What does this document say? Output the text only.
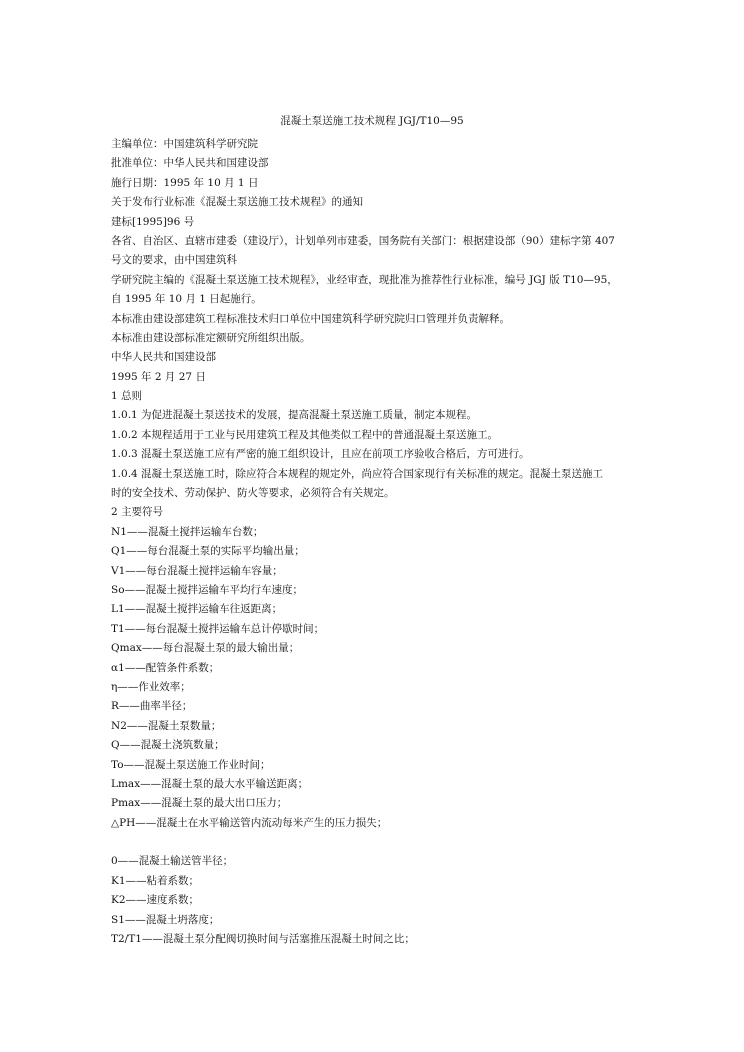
混凝土泵送施工技术规程 JGJ/T10—95
主编单位：中国建筑科学研究院
批准单位：中华人民共和国建设部
施行日期：1995 年 10 月 1 日
关于发布行业标准《混凝土泵送施工技术规程》的通知
建标[1995]96 号
各省、自治区、直辖市建委（建设厅），计划单列市建委，国务院有关部门：根据建设部（90）建标字第 407
号文的要求，由中国建筑科
学研究院主编的《混凝土泵送施工技术规程》，业经审查，现批准为推荐性行业标准，编号 JGJ 版 T10—95，
自 1995 年 10 月 1 日起施行。
本标准由建设部建筑工程标准技术归口单位中国建筑科学研究院归口管理并负责解释。
本标准由建设部标准定额研究所组织出版。
中华人民共和国建设部
1995 年 2 月 27 日
1 总则
1.0.1 为促进混凝土泵送技术的发展，提高混凝土泵送施工质量，制定本规程。
1.0.2 本规程适用于工业与民用建筑工程及其他类似工程中的普通混凝土泵送施工。
1.0.3 混凝土泵送施工应有严密的施工组织设计，且应在前项工序验收合格后，方可进行。
1.0.4 混凝土泵送施工时，除应符合本规程的规定外，尚应符合国家现行有关标准的规定。混凝土泵送施工
时的安全技术、劳动保护、防火等要求，必须符合有关规定。
2 主要符号
N1——混凝土搅拌运输车台数；
Q1——每台混凝土泵的实际平均输出量；
V1——每台混凝土搅拌运输车容量；
So——混凝土搅拌运输车平均行车速度；
L1——混凝土搅拌运输车往返距离；
T1——每台混凝土搅拌运输车总计停歇时间；
Qmax——每台混凝土泵的最大输出量；
α1——配管条件系数；
η——作业效率；
R——曲率半径；
N2——混凝土泵数量；
Q——混凝土浇筑数量；
To——混凝土泵送施工作业时间；
Lmax——混凝土泵的最大水平输送距离；
Pmax——混凝土泵的最大出口压力；
△PH——混凝土在水平输送管内流动每米产生的压力损失；
0——混凝土输送管半径；
K1——粘着系数；
K2——速度系数；
S1——混凝土坍落度；
T2/T1——混凝土泵分配阀切换时间与活塞推压混凝土时间之比；
